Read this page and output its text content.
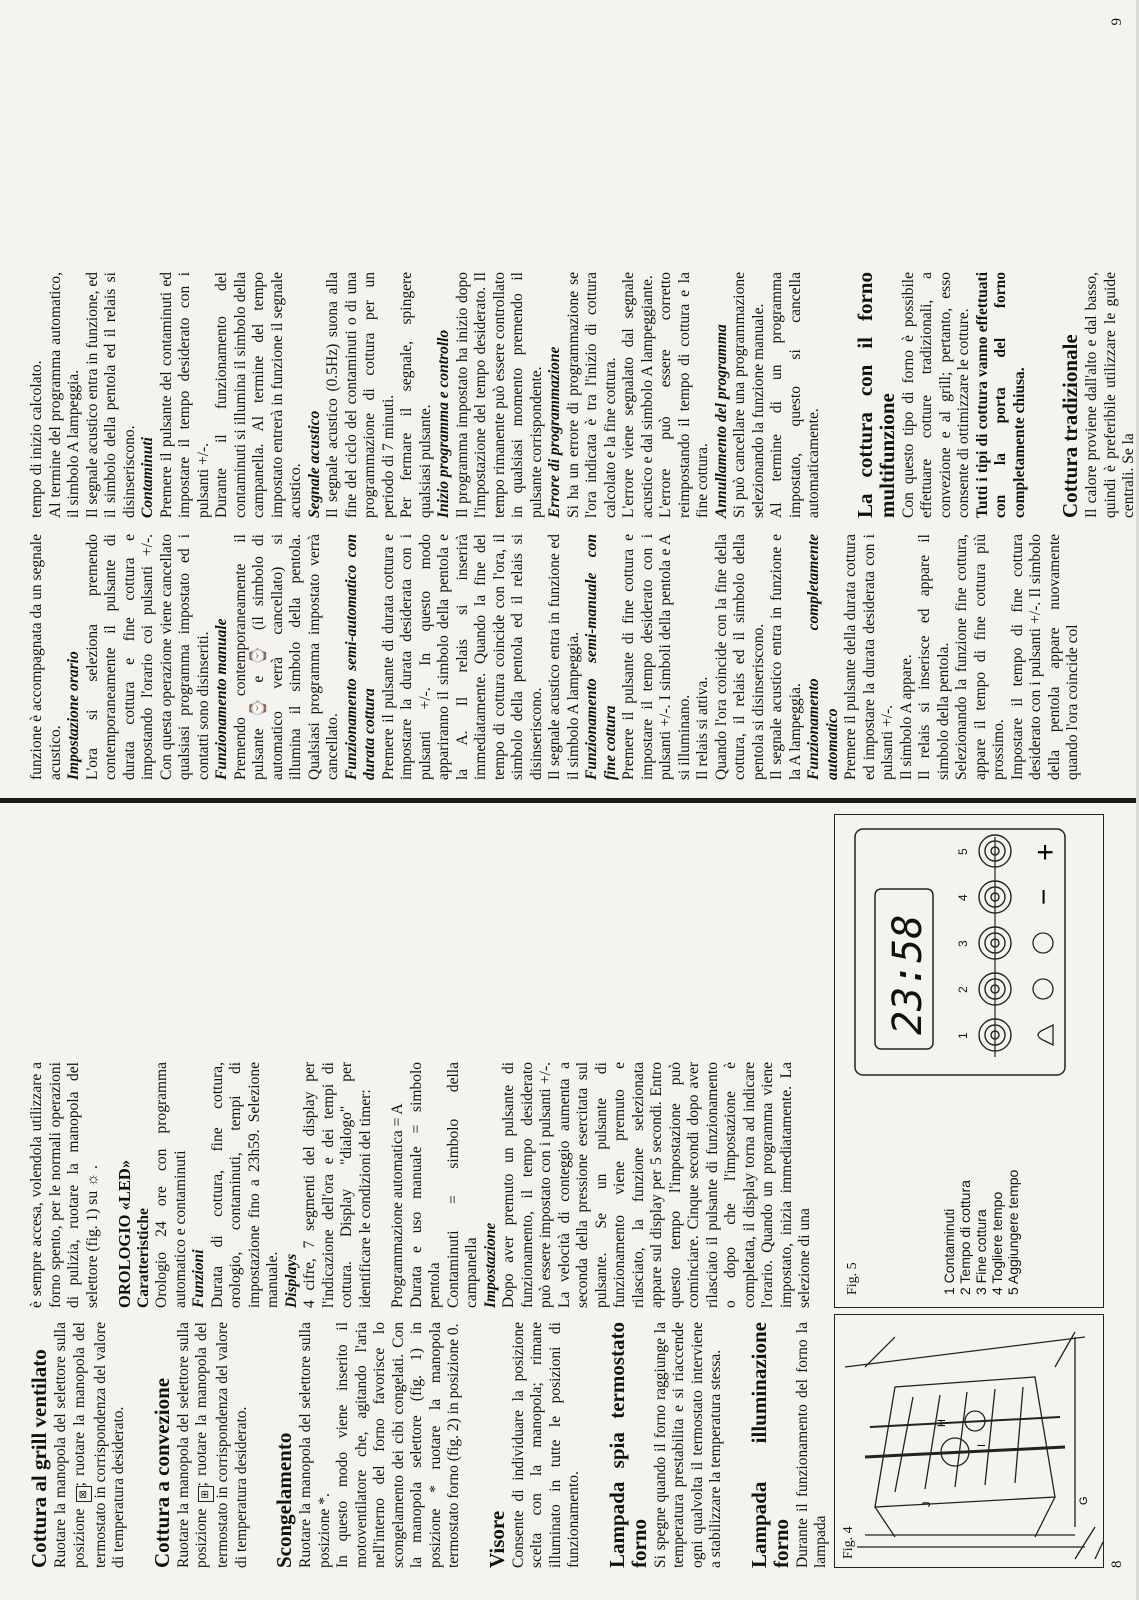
Cottura al grill ventilato Ruotare la manopola del selettore sulla posizione ⊠; ruotare la manopola del termostato in corrispondenza del valore di temperatura desiderato. Cottura a convezione Ruotare la manopola del selettore sulla posizione ⊞; ruotare la manopola del termostato in corrispondenza del valore di temperatura desiderato. Scongelamento Ruotare la manopola del selettore sulla posizione *. In questo modo viene inserito il motoventilatore che, agitando l'aria nell'interno del forno favorisce lo scongelamento dei cibi congelati. Con la manopola selettore (fig. 1) in posizione * ruotare la manopola termostato forno (fig. 2) in posizione 0. Visore Consente di individuare la posizione scelta con la manopola; rimane illuminato in tutte le posizioni di funzionamento. Lampada spia termostato forno Si spegne quando il forno raggiunge la temperatura prestabilita e si riaccende ogni qualvolta il termostato interviene a stabilizzare la temperatura stessa. Lampada illuminazione forno Durante il funzionamento del forno la lampada

è sempre accesa, volendola utilizzare a forno spento, per le normali operazioni di pulizia, ruotare la manopola del selettore (fig. 1) su ☼ . OROLOGIO «LED» Caratteristiche Orologio 24 ore con programma automatico e contaminuti Funzioni Durata di cottura, fine cottura, orologio, contaminuti, tempi di impostazione fino a 23h59. Selezione manuale. Displays 4 cifre, 7 segmenti del display per l'indicazione dell'ora e dei tempi di cottura. Display "dialogo" per identificare le condizioni del timer: Programmazione automatica = A Durata e uso manuale = simbolo pentola Contaminuti = simbolo della campanella Impostazione Dopo aver premuto un pulsante di funzionamento, il tempo desiderato può essere impostato con i pulsanti +/-. La velocità di conteggio aumenta a seconda della pressione esercitata sul pulsante. Se un pulsante di funzionamento viene premuto e rilasciato, la funzione selezionata appare sul display per 5 secondi. Entro questo tempo l'impostazione può cominciare. Cinque secondi dopo aver rilasciato il pulsante di funzionamento o dopo che l'impostazione è completata, il display torna ad indicare l'orario. Quando un programma viene impostato, inizia immediatamente. La selezione di una

G
H
I
J
Fig. 4
Fig. 5	1 Contaminuti 2 Tempo di cottura 3 Fine cottura 4 Togliere tempo 5 Aggiungere tempo
23:58
1
2
3
4
5
−
+
8

funzione è accompagnata da un segnale acustico. Impostazione orario L'ora si seleziona premendo contemporaneamente il pulsante di durata cottura e fine cottura e impostando l'orario coi pulsanti +/-. Con questa operazione viene cancellato qualsiasi programma impostato ed i contatti sono disinseriti. Funzionamento manuale Premendo contemporaneamente il pulsante ⌚ e ⌚ (il simbolo di automatico verrà cancellato) si illumina il simbolo della pentola. Qualsiasi programma impostato verrà cancellato. Funzionamento semi-automatico con durata cottura Premere il pulsante di durata cottura e impostare la durata desiderata con i pulsanti +/-. In questo modo appariranno il simbolo della pentola e la A. Il relais si inserirà immediatamente. Quando la fine del tempo di cottura coincide con l'ora, il simbolo della pentola ed il relais si disinseriscono. Il segnale acustico entra in funzione ed il simbolo A lampeggia. Funzionamento semi-manuale con fine cottura Premere il pulsante di fine cottura e impostare il tempo desiderato con i pulsanti +/-. I simboli della pentola e A si illuminano. Il relais si attiva. Quando l'ora coincide con la fine della cottura, il relais ed il simbolo della pentola si disinseriscono. Il segnale acustico entra in funzione e la A lampeggia. Funzionamento completamente automatico Premere il pulsante della durata cottura ed impostare la durata desiderata con i pulsanti +/-. Il simbolo A appare. Il relais si inserisce ed appare il simbolo della pentola. Selezionando la funzione fine cottura, appare il tempo di fine cottura più prossimo. Impostare il tempo di fine cottura desiderato con i pulsanti +/-. Il simbolo della pentola appare nuovamente quando l'ora coincide col

tempo di inizio calcolato. Al termine del programma automatico, il simbolo A lampeggia. Il segnale acustico entra in funzione, ed il simbolo della pentola ed il relais si disinseriscono. Contaminuti Premere il pulsante del contaminuti ed impostare il tempo desiderato con i pulsanti +/-. Durante il funzionamento del contaminuti si illumina il simbolo della campanella. Al termine del tempo impostato entrerà in funzione il segnale acustico. Segnale acustico Il segnale acustico (0.5Hz) suona alla fine del ciclo del contaminuti o di una programmazione di cottura per un periodo di 7 minuti. Per fermare il segnale, spingere qualsiasi pulsante. Inizio programma e controllo Il programma impostato ha inizio dopo l'impostazione del tempo desiderato. Il tempo rimanente può essere controllato in qualsiasi momento premendo il pulsante corrispondente. Errore di programmazione Si ha un errore di programmazione se l'ora indicata è tra l'inizio di cottura calcolato e la fine cottura. L'errore viene segnalato dal segnale acustico e dal simbolo A lampeggiante. L'errore può essere corretto reimpostando il tempo di cottura e la fine cottura. Annullamento del programma Si può cancellare una programmazione selezionando la funzione manuale. Al termine di un programma impostato, questo si cancella automaticamente. La cottura con il forno multifunzione Con questo tipo di forno è possibile effettuare cotture tradizionali, a convezione e al grill; pertanto, esso consente di ottimizzare le cotture. Tutti i tipi di cottura vanno effettuati con la porta del forno completamente chiusa. Cottura tradizionale Il calore proviene dall'alto e dal basso, quindi è preferibile utilizzare le guide centrali. Se la

9
